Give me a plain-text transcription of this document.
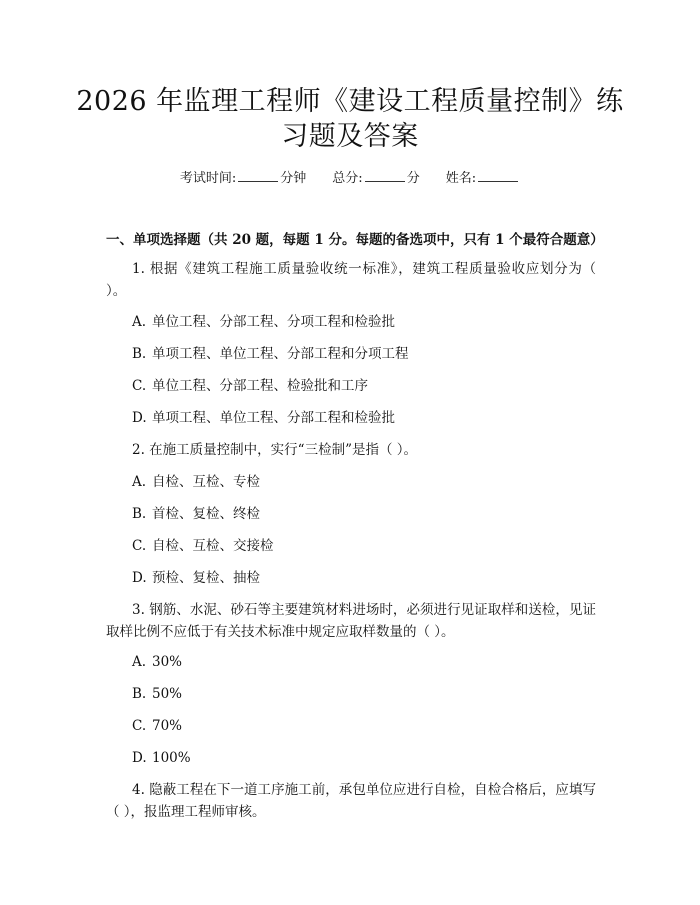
2026 年监理工程师《建设工程质量控制》练
习题及答案
考试时间:	分钟 总分:	分 姓名:
一、单项选择题（共 20 题，每题 1 分。每题的备选项中，只有 1 个最符合题意）
1. 根据《建筑工程施工质量验收统一标准》，建筑工程质量验收应划分为（ ）。
A. 单位工程、分部工程、分项工程和检验批
B. 单项工程、单位工程、分部工程和分项工程
C. 单位工程、分部工程、检验批和工序
D. 单项工程、单位工程、分部工程和检验批
2. 在施工质量控制中，实行“三检制”是指（ ）。
A. 自检、互检、专检
B. 首检、复检、终检
C. 自检、互检、交接检
D. 预检、复检、抽检
3. 钢筋、水泥、砂石等主要建筑材料进场时，必须进行见证取样和送检，见证取样比例不应低于有关技术标准中规定应取样数量的（ ）。
A. 30%
B. 50%
C. 70%
D. 100%
4. 隐蔽工程在下一道工序施工前，承包单位应进行自检，自检合格后，应填写（ ），报监理工程师审核。
